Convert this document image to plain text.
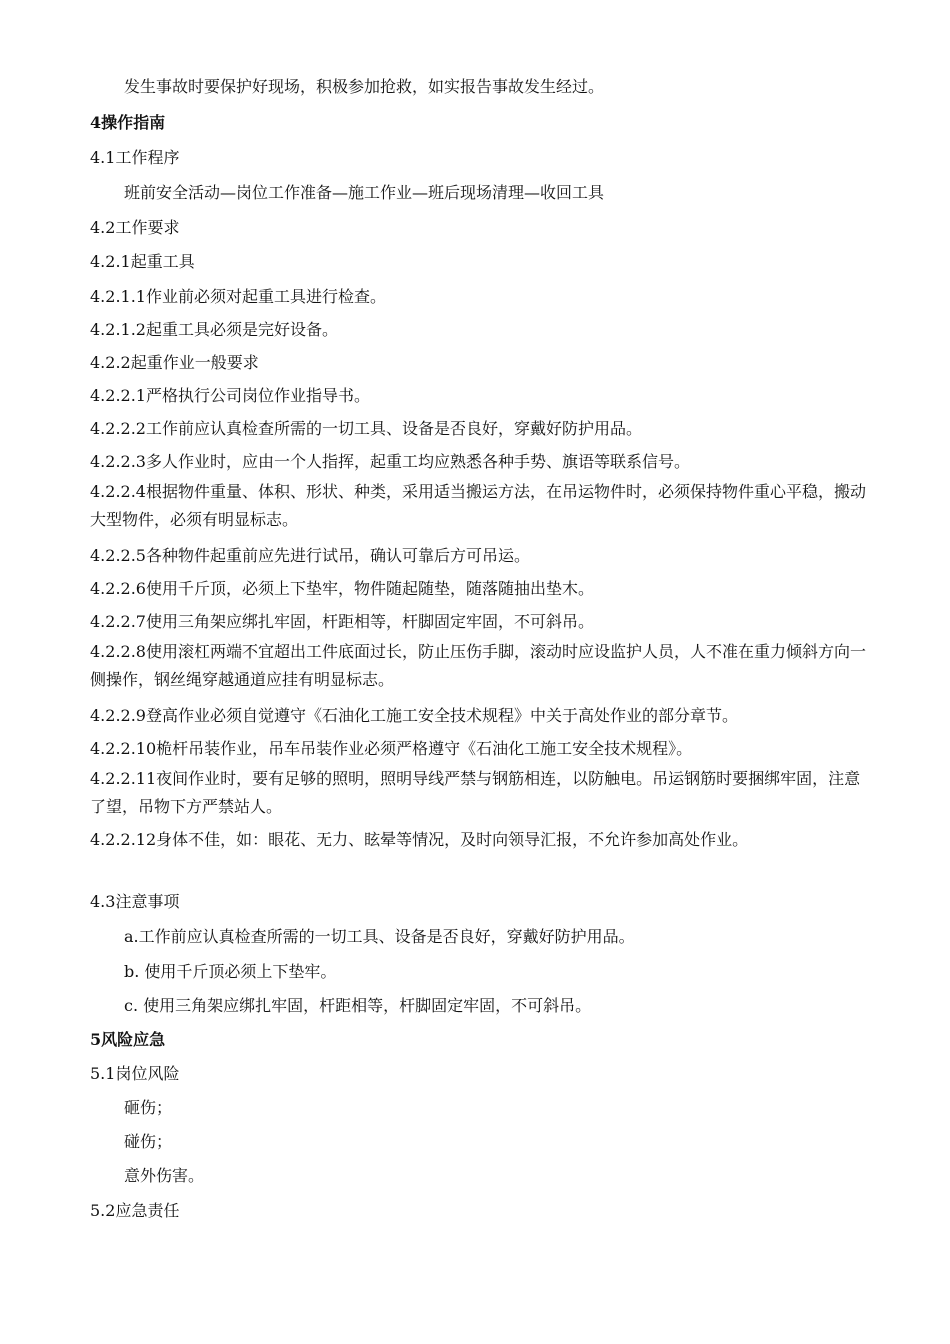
发生事故时要保护好现场，积极参加抢救，如实报告事故发生经过。
4操作指南
4.1工作程序
班前安全活动—岗位工作准备—施工作业—班后现场清理—收回工具
4.2工作要求
4.2.1起重工具
4.2.1.1作业前必须对起重工具进行检查。
4.2.1.2起重工具必须是完好设备。
4.2.2起重作业一般要求
4.2.2.1严格执行公司岗位作业指导书。
4.2.2.2工作前应认真检查所需的一切工具、设备是否良好，穿戴好防护用品。
4.2.2.3多人作业时，应由一个人指挥，起重工均应熟悉各种手势、旗语等联系信号。
4.2.2.4根据物件重量、体积、形状、种类，采用适当搬运方法，在吊运物件时，必须保持物件重心平稳，搬动大型物件，必须有明显标志。
4.2.2.5各种物件起重前应先进行试吊，确认可靠后方可吊运。
4.2.2.6使用千斤顶，必须上下垫牢，物件随起随垫，随落随抽出垫木。
4.2.2.7使用三角架应绑扎牢固，杆距相等，杆脚固定牢固，不可斜吊。
4.2.2.8使用滚杠两端不宜超出工件底面过长，防止压伤手脚，滚动时应设监护人员，人不准在重力倾斜方向一侧操作，钢丝绳穿越通道应挂有明显标志。
4.2.2.9登高作业必须自觉遵守《石油化工施工安全技术规程》中关于高处作业的部分章节。
4.2.2.10桅杆吊装作业，吊车吊装作业必须严格遵守《石油化工施工安全技术规程》。
4.2.2.11夜间作业时，要有足够的照明，照明导线严禁与钢筋相连，以防触电。吊运钢筋时要捆绑牢固，注意了望，吊物下方严禁站人。
4.2.2.12身体不佳，如：眼花、无力、眩晕等情况，及时向领导汇报，不允许参加高处作业。
4.3注意事项
a.工作前应认真检查所需的一切工具、设备是否良好，穿戴好防护用品。
b. 使用千斤顶必须上下垫牢。
c. 使用三角架应绑扎牢固，杆距相等，杆脚固定牢固，不可斜吊。
5风险应急
5.1岗位风险
砸伤；
碰伤；
意外伤害。
5.2应急责任
